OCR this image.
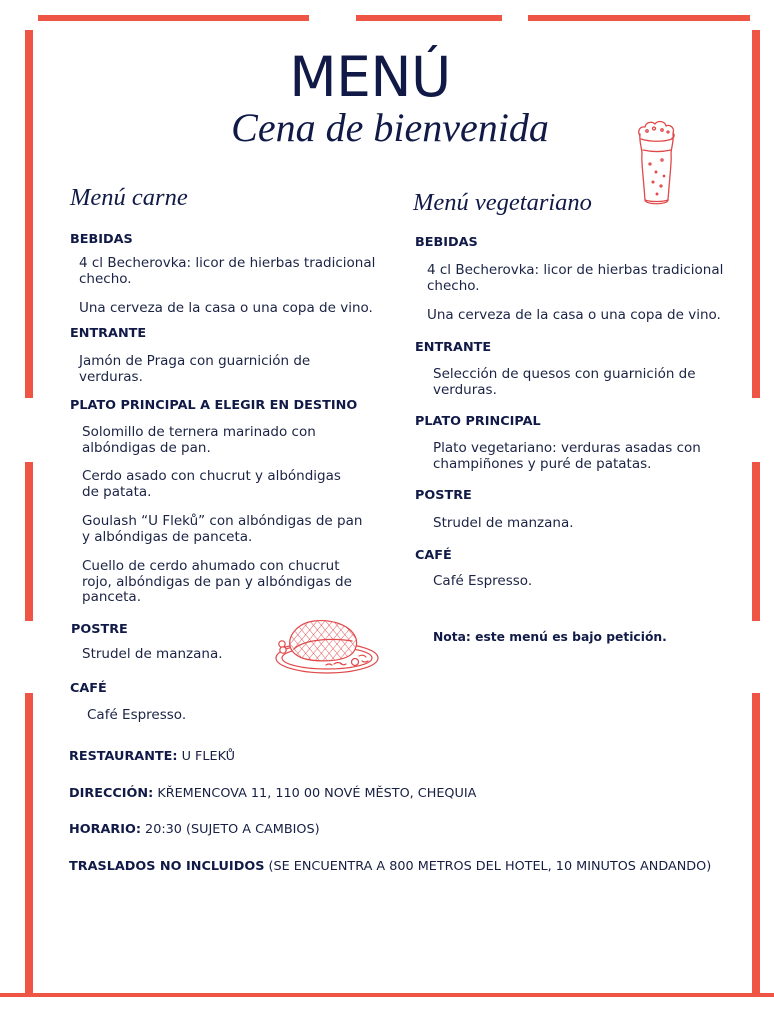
MENÚ
Cena de bienvenida
Menú carne
BEBIDAS
4 cl Becherovka: licor de hierbas tradicional
checho.
Una cerveza de la casa o una copa de vino.
ENTRANTE
Jamón de Praga con guarnición de
verduras.
PLATO PRINCIPAL A ELEGIR EN DESTINO
Solomillo de ternera marinado con
albóndigas de pan.
Cerdo asado con chucrut y albóndigas
de patata.
Goulash “U Fleků” con albóndigas de pan
y albóndigas de panceta.
Cuello de cerdo ahumado con chucrut
rojo, albóndigas de pan y albóndigas de
panceta.
POSTRE
Strudel de manzana.
CAFÉ
Café Espresso.
Menú vegetariano
BEBIDAS
4 cl Becherovka: licor de hierbas tradicional
checho.
Una cerveza de la casa o una copa de vino.
ENTRANTE
Selección de quesos con guarnición de
verduras.
PLATO PRINCIPAL
Plato vegetariano: verduras asadas con
champiñones y puré de patatas.
POSTRE
Strudel de manzana.
CAFÉ
Café Espresso.
Nota: este menú es bajo petición.
RESTAURANTE: U FLEKŮ
DIRECCIÓN: KŘEMENCOVA 11, 110 00 NOVÉ MĚSTO, CHEQUIA
HORARIO: 20:30 (SUJETO A CAMBIOS)
TRASLADOS NO INCLUIDOS (SE ENCUENTRA A 800 METROS DEL HOTEL, 10 MINUTOS ANDANDO)
